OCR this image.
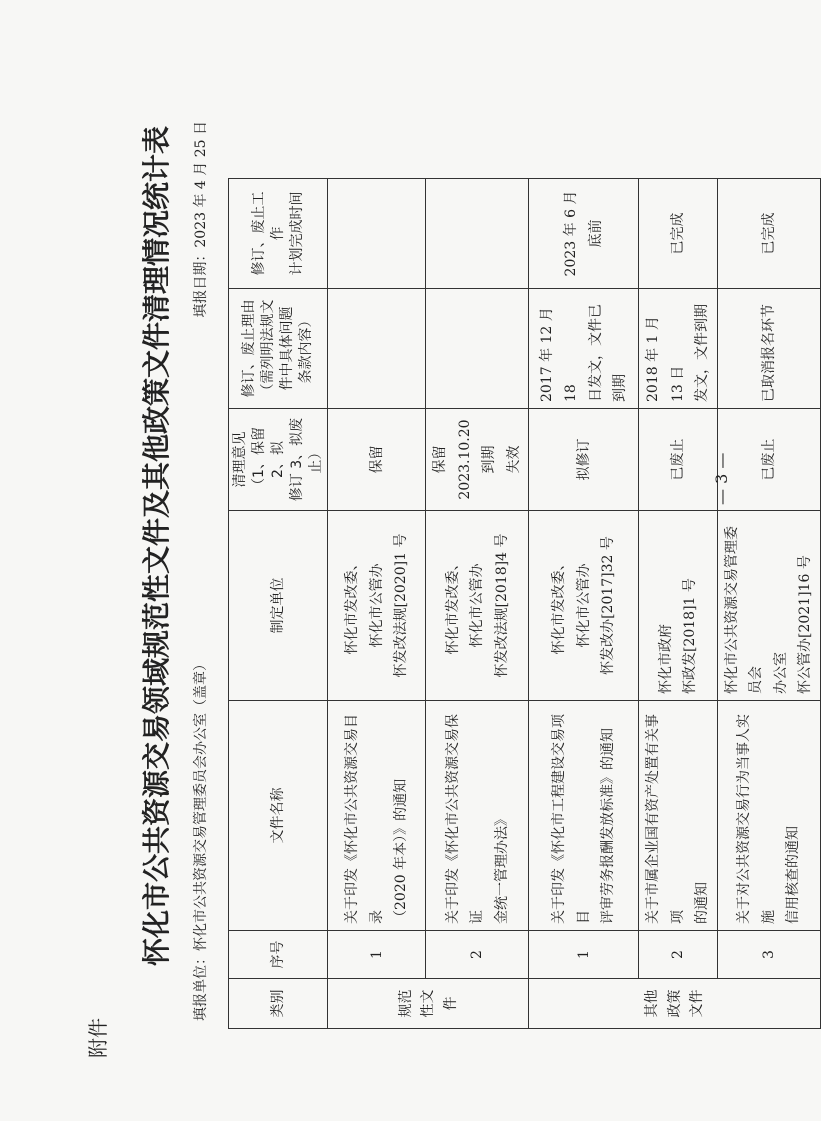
附件
怀化市公共资源交易领域规范性文件及其他政策文件清理情况统计表
填报单位：怀化市公共资源交易管理委员会办公室（盖章）
填报日期：2023 年 4 月 25 日
类别	序号	文件名称	制定单位	清理意见 （1、保留 2、拟 修订 3、拟废止）	修订、废止理由 （需列明法规文 件中具体问题 条款内容）	修订、废止工作 计划完成时间

规范 性文 件	1	关于印发《怀化市公共资源交易目录 （2020 年本）》的通知	怀化市发改委、 怀化市公管办 怀发改法规[2020]1 号	保留		

	2	关于印发《怀化市公共资源交易保证 金统一管理办法》	怀化市发改委、 怀化市公管办 怀发改法规[2018]4 号	保留 2023.10.20 到期 失效		

其他 政策 文件	1	关于印发《怀化市工程建设交易项目 评审劳务报酬发放标准》的通知	怀化市发改委、 怀化市公管办 怀发改办[2017]32 号	拟修订	2017 年 12 月 18 日发文，文件已 到期	2023 年 6 月底前

	2	关于市属企业国有资产处置有关事项 的通知	怀化市政府 怀政发[2018]1 号	已废止	2018 年 1 月 13 日 发文，文件到期	已完成

	3	关于对公共资源交易行为当事人实施 信用核查的通知	怀化市公共资源交易管理委员会 办公室 怀公管办[2021]16 号	已废止	已取消报名环节	已完成
— 3 —
